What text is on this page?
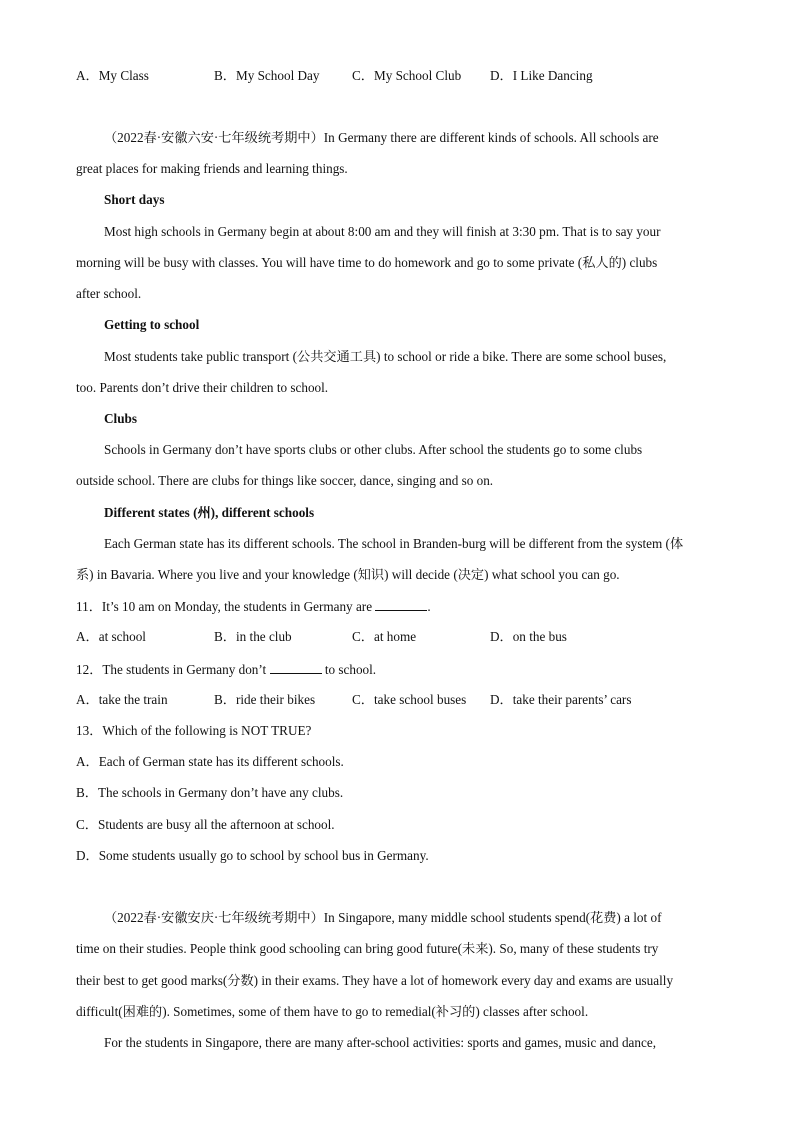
A．My Class	B．My School Day C．My School Club D．I Like Dancing
（2022春·安徽六安·七年级统考期中）In Germany there are different kinds of schools. All schools are
great places for making friends and learning things.
Short days
Most high schools in Germany begin at about 8:00 am and they will finish at 3:30 pm. That is to say your
morning will be busy with classes. You will have time to do homework and go to some private (私人的) clubs
after school.
Getting to school
Most students take public transport (公共交通工具) to school or ride a bike. There are some school buses,
too. Parents don’t drive their children to school.
Clubs
Schools in Germany don’t have sports clubs or other clubs. After school the students go to some clubs
outside school. There are clubs for things like soccer, dance, singing and so on.
Different states (州), different schools
Each German state has its different schools. The school in Branden-burg will be different from the system (体
系) in Bavaria. Where you live and your knowledge (知识) will decide (决定) what school you can go.
11．It’s 10 am on Monday, the students in Germany are	.
A．at school	B．in the club	C．at home	D．on the bus
12．The students in Germany don’t	to school.
A．take the train	B．ride their bikes	C．take school buses D．take their parents’ cars
13．Which of the following is NOT TRUE?
A．Each of German state has its different schools.
B．The schools in Germany don’t have any clubs.
C．Students are busy all the afternoon at school.
D．Some students usually go to school by school bus in Germany.
（2022春·安徽安庆·七年级统考期中）In Singapore, many middle school students spend(花费) a lot of
time on their studies. People think good schooling can bring good future(未来). So, many of these students try
their best to get good marks(分数) in their exams. They have a lot of homework every day and exams are usually
difficult(困难的). Sometimes, some of them have to go to remedial(补习的) classes after school.
For the students in Singapore, there are many after-school activities: sports and games, music and dance,
